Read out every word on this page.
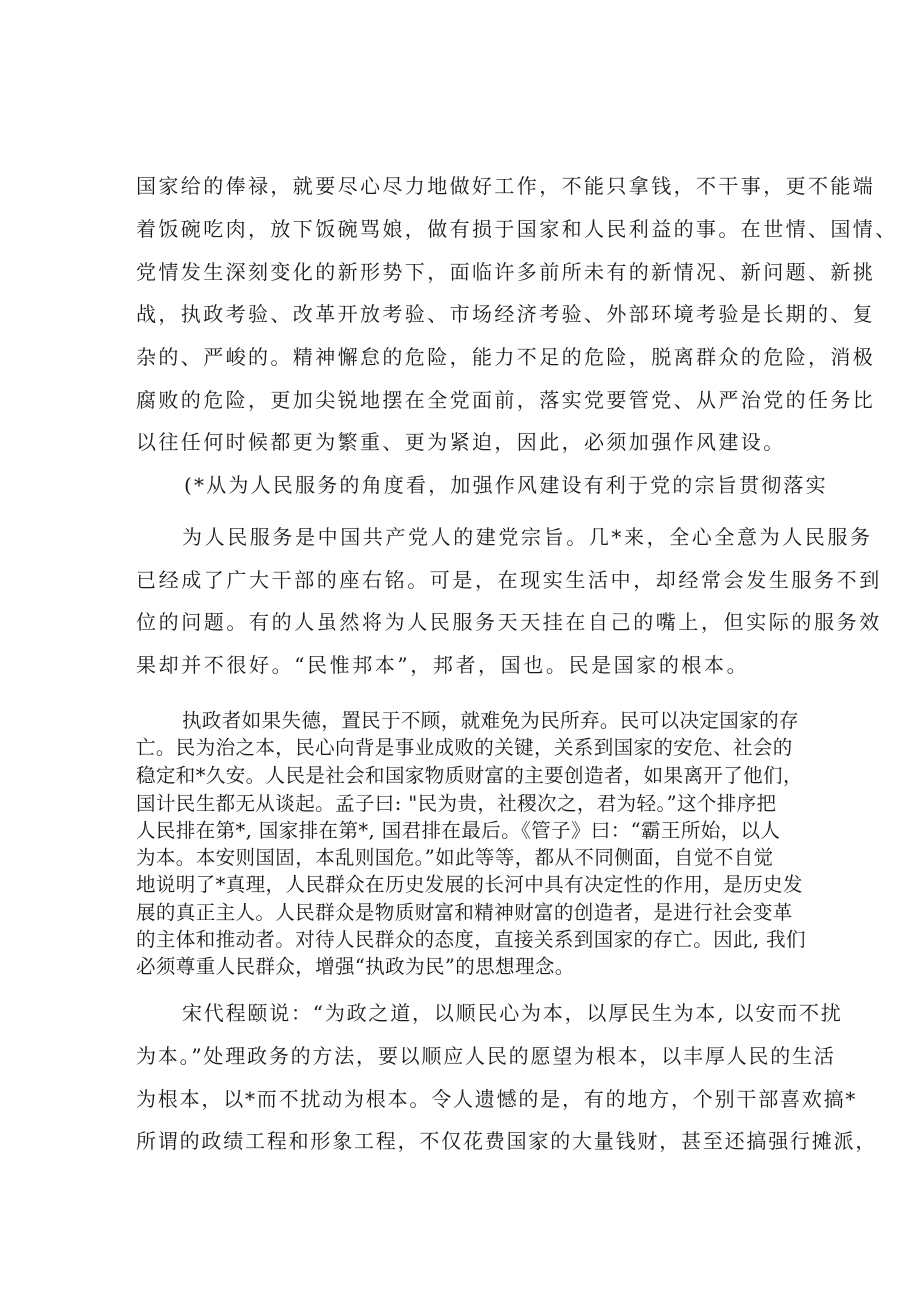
国家给的俸禄，就要尽心尽力地做好工作，不能只拿钱，不干事，更不能端
着饭碗吃肉，放下饭碗骂娘，做有损于国家和人民利益的事。在世情、国情、
党情发生深刻变化的新形势下，面临许多前所未有的新情况、新问题、新挑
战，执政考验、改革开放考验、市场经济考验、外部环境考验是长期的、复
杂的、严峻的。精神懈怠的危险，能力不足的危险，脱离群众的危险，消极
腐败的危险，更加尖锐地摆在全党面前，落实党要管党、从严治党的任务比
以往任何时候都更为繁重、更为紧迫，因此，必须加强作风建设。
(*从为人民服务的角度看，加强作风建设有利于党的宗旨贯彻落实
为人民服务是中国共产党人的建党宗旨。几*来，全心全意为人民服务
已经成了广大干部的座右铭。可是，在现实生活中，却经常会发生服务不到
位的问题。有的人虽然将为人民服务天天挂在自己的嘴上，但实际的服务效
果却并不很好。“民惟邦本”，邦者，国也。民是国家的根本。
执政者如果失德，置民于不顾，就难免为民所弃。民可以决定国家的存
亡。民为治之本，民心向背是事业成败的关键，关系到国家的安危、社会的
稳定和*久安。人民是社会和国家物质财富的主要创造者，如果离开了他们，
国计民生都无从谈起。孟子曰: "民为贵，社稷次之，君为轻。”这个排序把
人民排在第*, 国家排在第*, 国君排在最后。《管子》曰：“霸王所始，以人
为本。本安则国固，本乱则国危。”如此等等，都从不同侧面，自觉不自觉
地说明了*真理，人民群众在历史发展的长河中具有决定性的作用，是历史发
展的真正主人。人民群众是物质财富和精神财富的创造者，是进行社会变革
的主体和推动者。对待人民群众的态度，直接关系到国家的存亡。因此, 我们
必须尊重人民群众，增强“执政为民”的思想理念。
宋代程颐说：“为政之道，以顺民心为本，以厚民生为本, 以安而不扰
为本。”处理政务的方法，要以顺应人民的愿望为根本，以丰厚人民的生活
为根本，以*而不扰动为根本。令人遗憾的是，有的地方，个别干部喜欢搞*
所谓的政绩工程和形象工程，不仅花费国家的大量钱财，甚至还搞强行摊派，
